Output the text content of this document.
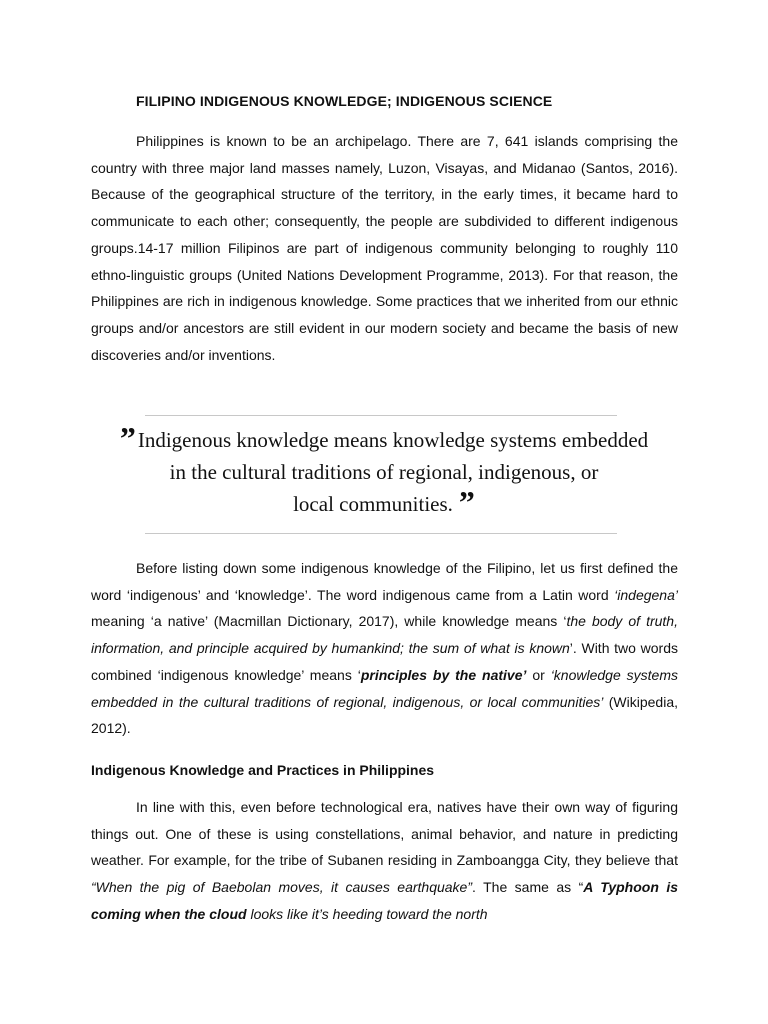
FILIPINO INDIGENOUS KNOWLEDGE; INDIGENOUS SCIENCE

Philippines is known to be an archipelago. There are 7, 641 islands comprising the country with three major land masses namely, Luzon, Visayas, and Midanao (Santos, 2016). Because of the geographical structure of the territory, in the early times, it became hard to communicate to each other; consequently, the people are subdivided to different indigenous groups.14-17 million Filipinos are part of indigenous community belonging to roughly 110 ethno-linguistic groups (United Nations Development Programme, 2013). For that reason, the Philippines are rich in indigenous knowledge. Some practices that we inherited from our ethnic groups and/or ancestors are still evident in our modern society and became the basis of new discoveries and/or inventions.

”Indigenous knowledge means knowledge systems embedded
in the cultural traditions of regional, indigenous, or
local communities. ”

Before listing down some indigenous knowledge of the Filipino, let us first defined the word ‘indigenous’ and ‘knowledge’. The word indigenous came from a Latin word ‘indegena’ meaning ‘a native’ (Macmillan Dictionary, 2017), while knowledge means ‘the body of truth, information, and principle acquired by humankind; the sum of what is known’. With two words combined ‘indigenous knowledge’ means ‘principles by the native’ or ‘knowledge systems embedded in the cultural traditions of regional, indigenous, or local communities’ (Wikipedia, 2012).

Indigenous Knowledge and Practices in Philippines

In line with this, even before technological era, natives have their own way of figuring things out. One of these is using constellations, animal behavior, and nature in predicting weather. For example, for the tribe of Subanen residing in Zamboangga City, they believe that “When the pig of Baebolan moves, it causes earthquake”. The same as “A Typhoon is coming when the cloud looks like it’s heeding toward the north
